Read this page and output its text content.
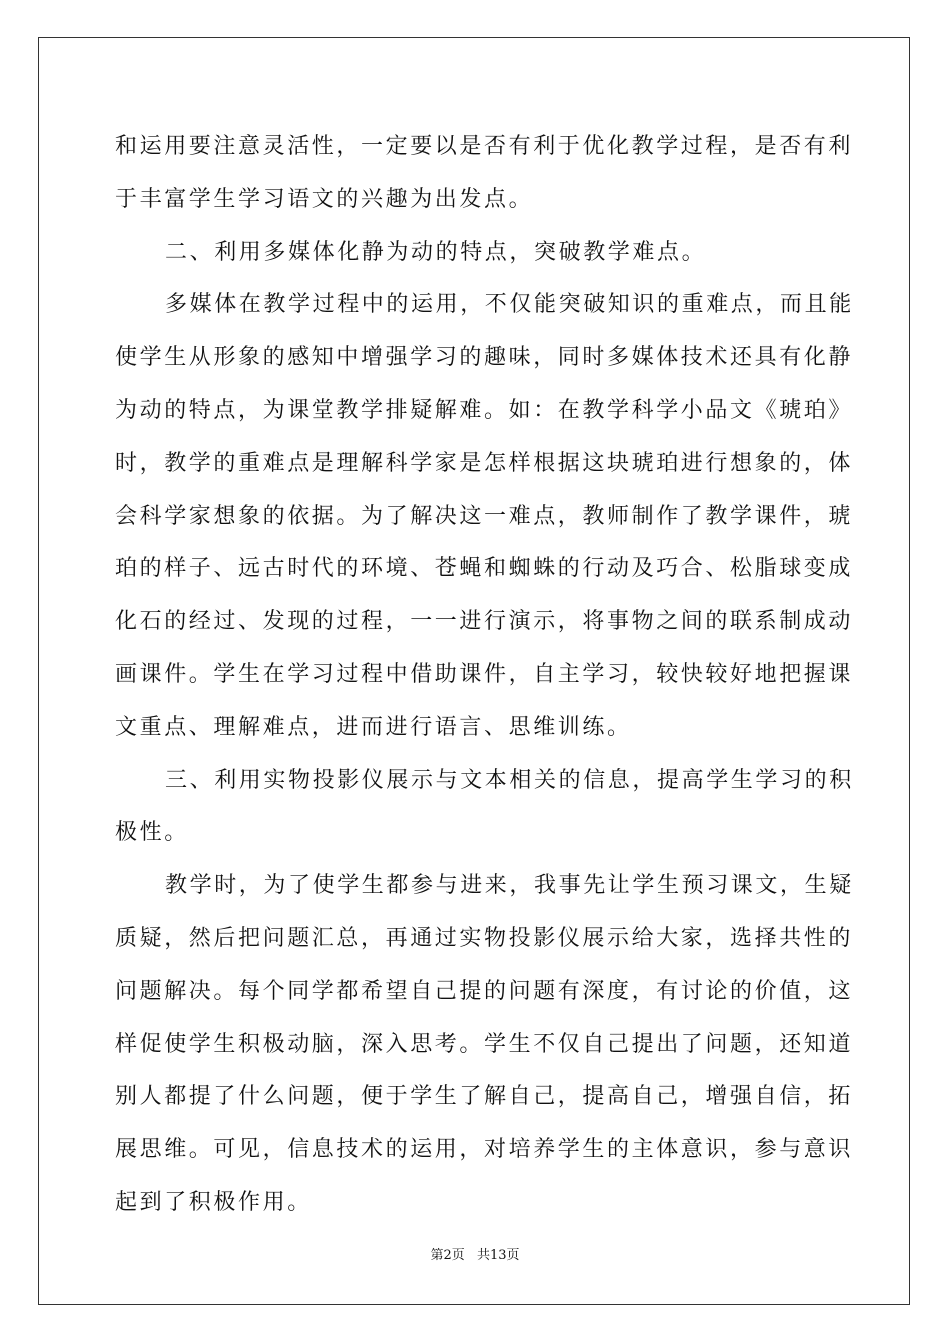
和运用要注意灵活性，一定要以是否有利于优化教学过程，是否有利
于丰富学生学习语文的兴趣为出发点。

二、利用多媒体化静为动的特点，突破教学难点。

多媒体在教学过程中的运用，不仅能突破知识的重难点，而且能
使学生从形象的感知中增强学习的趣味，同时多媒体技术还具有化静
为动的特点，为课堂教学排疑解难。如：在教学科学小品文《琥珀》
时，教学的重难点是理解科学家是怎样根据这块琥珀进行想象的，体
会科学家想象的依据。为了解决这一难点，教师制作了教学课件，琥
珀的样子、远古时代的环境、苍蝇和蜘蛛的行动及巧合、松脂球变成
化石的经过、发现的过程，一一进行演示，将事物之间的联系制成动
画课件。学生在学习过程中借助课件，自主学习，较快较好地把握课
文重点、理解难点，进而进行语言、思维训练。

三、利用实物投影仪展示与文本相关的信息，提高学生学习的积
极性。

教学时，为了使学生都参与进来，我事先让学生预习课文，生疑
质疑，然后把问题汇总，再通过实物投影仪展示给大家，选择共性的
问题解决。每个同学都希望自己提的问题有深度，有讨论的价值，这
样促使学生积极动脑，深入思考。学生不仅自己提出了问题，还知道
别人都提了什么问题，便于学生了解自己，提高自己，增强自信，拓
展思维。可见，信息技术的运用，对培养学生的主体意识，参与意识
起到了积极作用。

第2页 共13页
